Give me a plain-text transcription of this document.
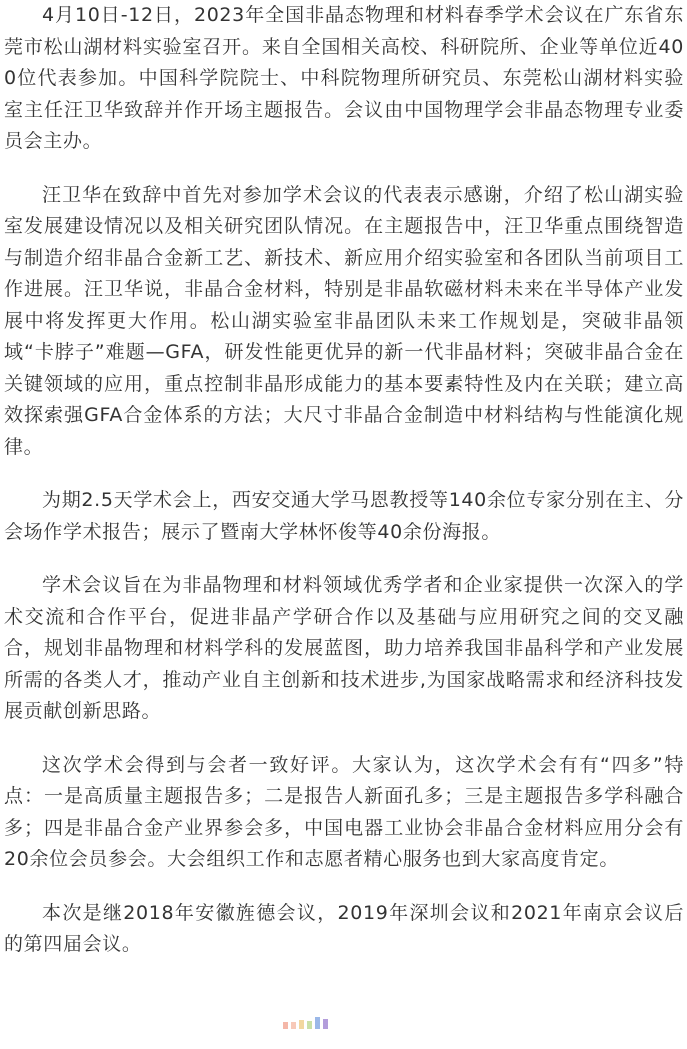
4月10日-12日，2023年全国非晶态物理和材料春季学术会议在广东省东莞市松山湖材料实验室召开。来自全国相关高校、科研院所、企业等单位近400位代表参加。中国科学院院士、中科院物理所研究员、东莞松山湖材料实验室主任汪卫华致辞并作开场主题报告。会议由中国物理学会非晶态物理专业委员会主办。

汪卫华在致辞中首先对参加学术会议的代表表示感谢，介绍了松山湖实验室发展建设情况以及相关研究团队情况。在主题报告中，汪卫华重点围绕智造与制造介绍非晶合金新工艺、新技术、新应用介绍实验室和各团队当前项目工作进展。汪卫华说，非晶合金材料，特别是非晶软磁材料未来在半导体产业发展中将发挥更大作用。松山湖实验室非晶团队未来工作规划是，突破非晶领域“卡脖子”难题—GFA，研发性能更优异的新一代非晶材料；突破非晶合金在关键领域的应用，重点控制非晶形成能力的基本要素特性及内在关联；建立高效探索强GFA合金体系的方法；大尺寸非晶合金制造中材料结构与性能演化规律。

为期2.5天学术会上，西安交通大学马恩教授等140余位专家分别在主、分会场作学术报告；展示了暨南大学林怀俊等40余份海报。

学术会议旨在为非晶物理和材料领域优秀学者和企业家提供一次深入的学术交流和合作平台，促进非晶产学研合作以及基础与应用研究之间的交叉融合，规划非晶物理和材料学科的发展蓝图，助力培养我国非晶科学和产业发展所需的各类人才，推动产业自主创新和技术进步,为国家战略需求和经济科技发展贡献创新思路。

这次学术会得到与会者一致好评。大家认为，这次学术会有有“四多”特点：一是高质量主题报告多；二是报告人新面孔多；三是主题报告多学科融合多；四是非晶合金产业界参会多，中国电器工业协会非晶合金材料应用分会有20余位会员参会。大会组织工作和志愿者精心服务也到大家高度肯定。

本次是继2018年安徽旌德会议，2019年深圳会议和2021年南京会议后的第四届会议。
